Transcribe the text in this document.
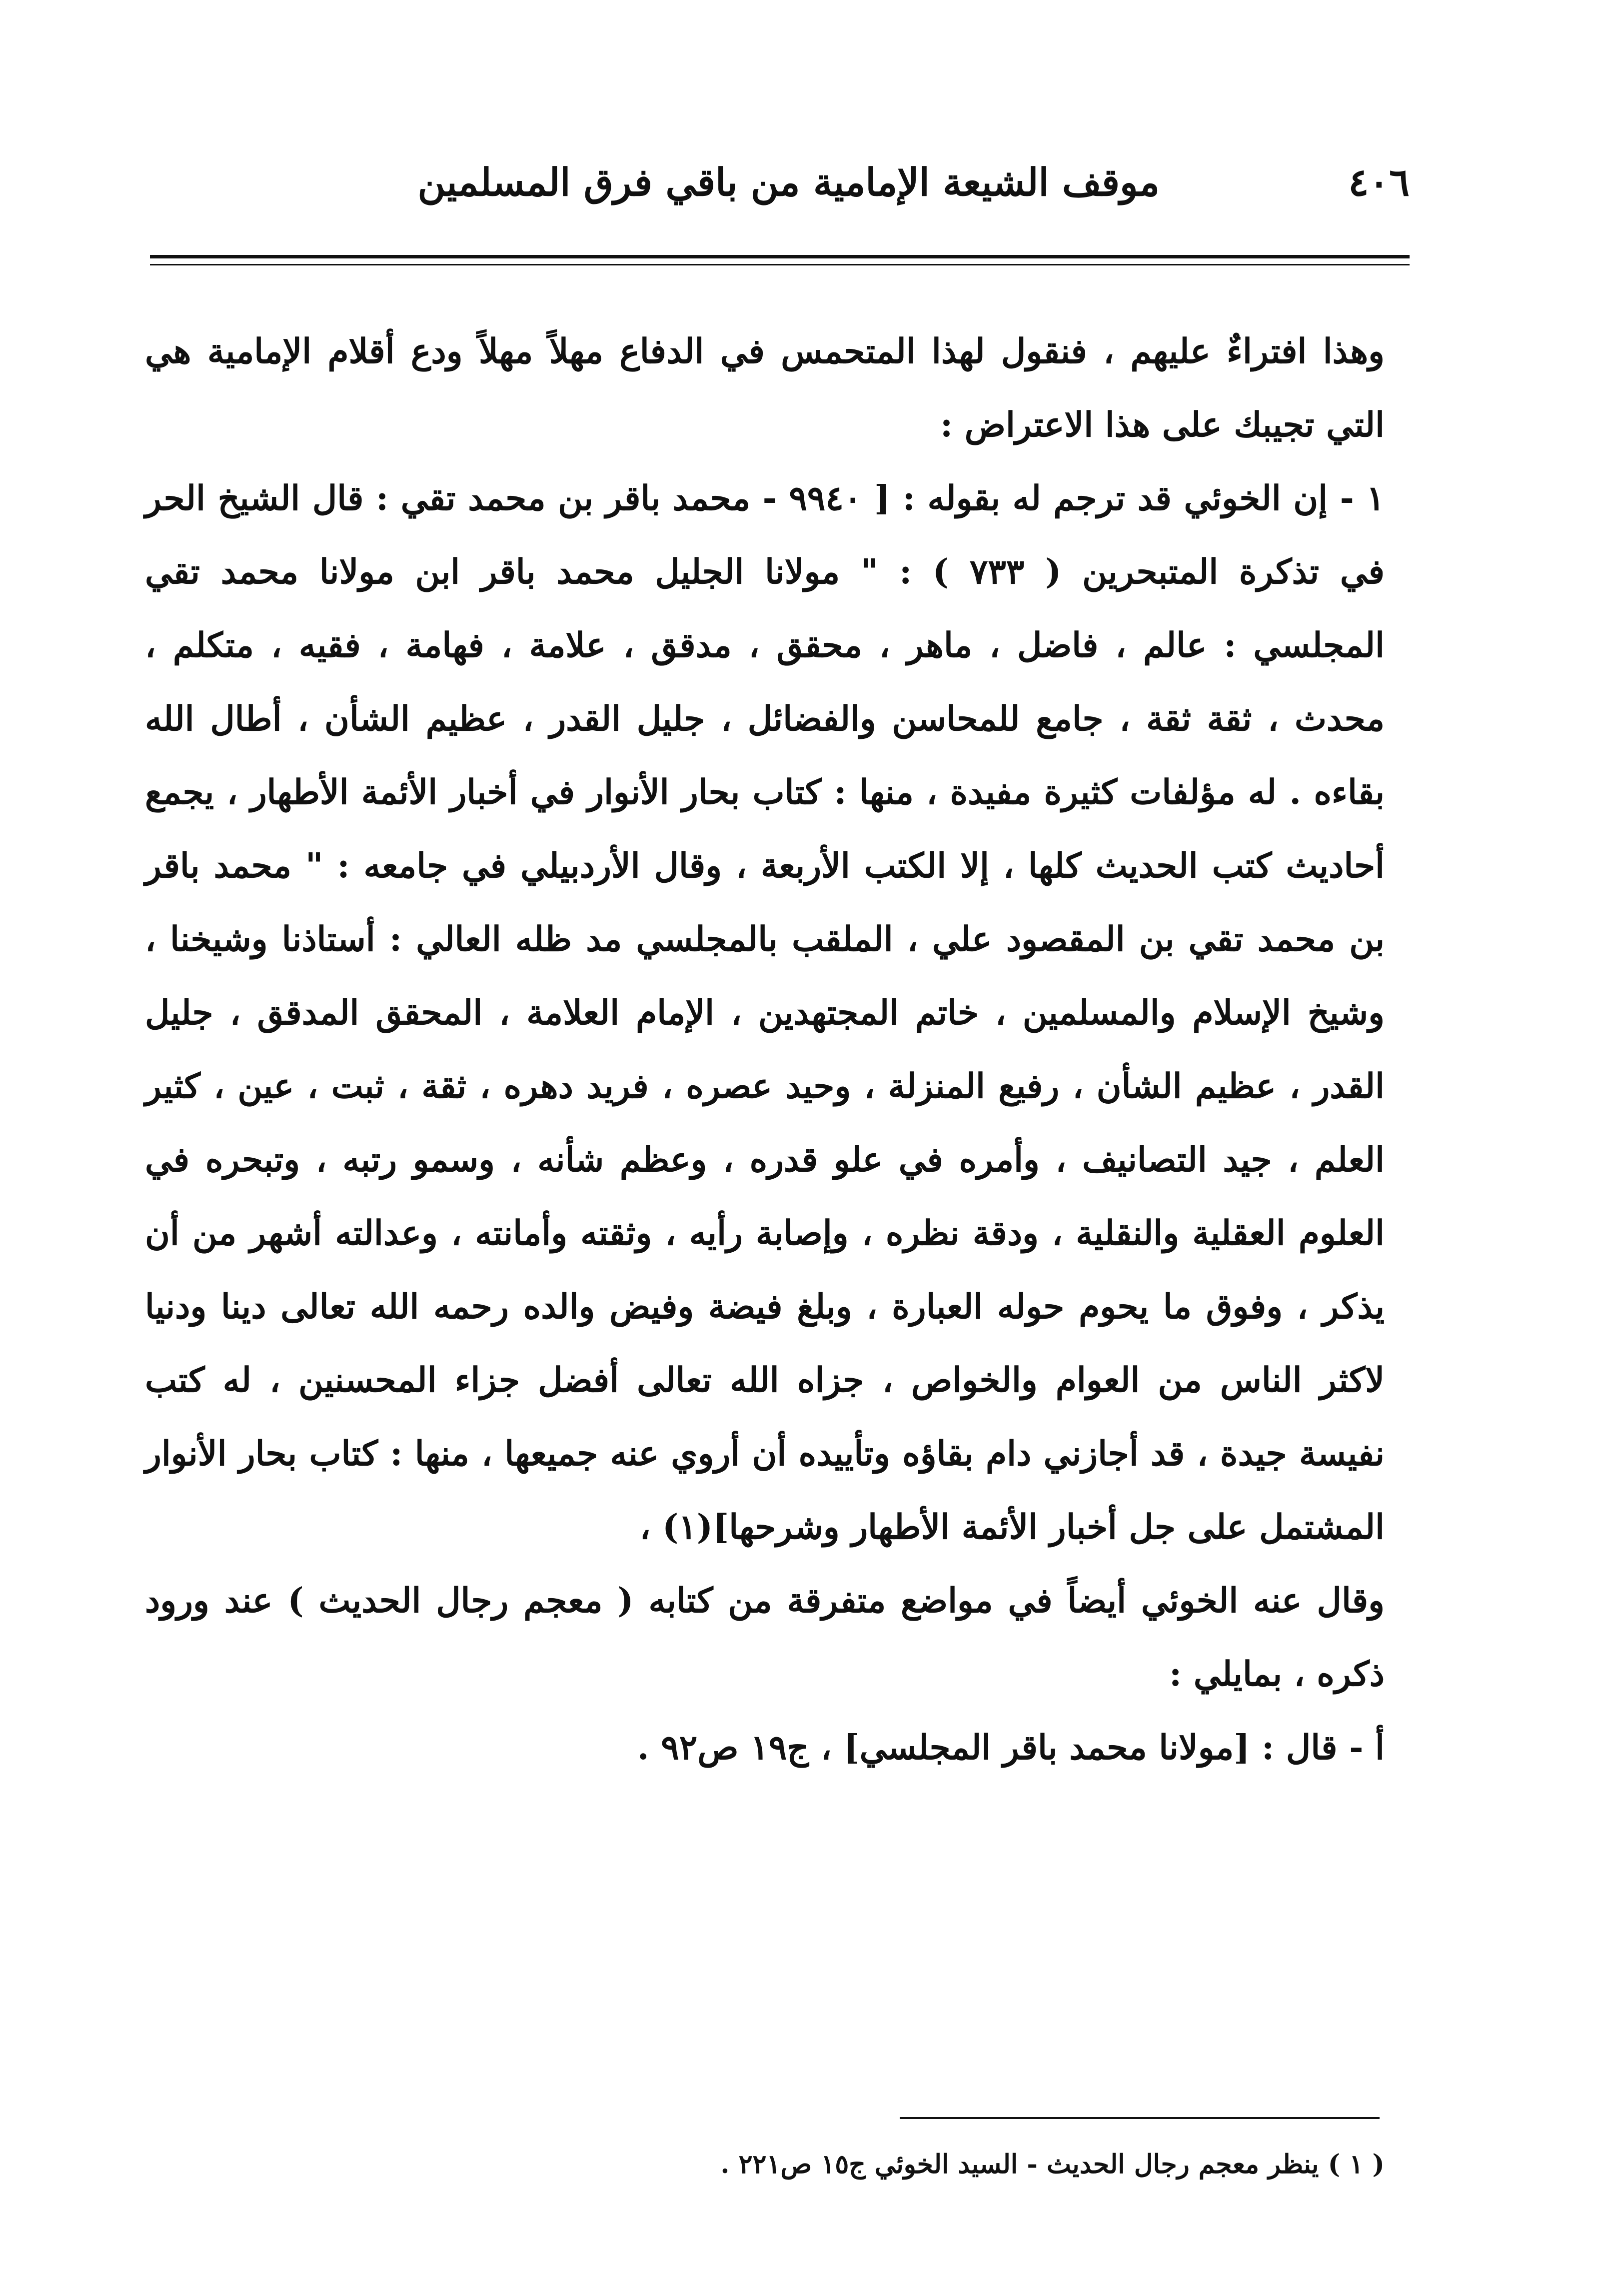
٤٠٦
موقف الشيعة الإمامية من باقي فرق المسلمين

وهذا افتراءٌ عليهم ، فنقول لهذا المتحمس في الدفاع مهلاً مهلاً ودع أقلام الإمامية هي التي تجيبك على هذا الاعتراض :

١ - إن الخوئي قد ترجم له بقوله : [ ٩٩٤٠ - محمد باقر بن محمد تقي : قال الشيخ الحر في تذكرة المتبحرين ( ٧٣٣ ) : " مولانا الجليل محمد باقر ابن مولانا محمد تقي المجلسي : عالم ، فاضل ، ماهر ، محقق ، مدقق ، علامة ، فهامة ، فقيه ، متكلم ، محدث ، ثقة ثقة ، جامع للمحاسن والفضائل ، جليل القدر ، عظيم الشأن ، أطال الله بقاءه . له مؤلفات كثيرة مفيدة ، منها : كتاب بحار الأنوار في أخبار الأئمة الأطهار ، يجمع أحاديث كتب الحديث كلها ، إلا الكتب الأربعة ، وقال الأردبيلي في جامعه : " محمد باقر بن محمد تقي بن المقصود علي ، الملقب بالمجلسي مد ظله العالي : أستاذنا وشيخنا ، وشيخ الإسلام والمسلمين ، خاتم المجتهدين ، الإمام العلامة ، المحقق المدقق ، جليل القدر ، عظيم الشأن ، رفيع المنزلة ، وحيد عصره ، فريد دهره ، ثقة ، ثبت ، عين ، كثير العلم ، جيد التصانيف ، وأمره في علو قدره ، وعظم شأنه ، وسمو رتبه ، وتبحره في العلوم العقلية والنقلية ، ودقة نظره ، وإصابة رأيه ، وثقته وأمانته ، وعدالته أشهر من أن يذكر ، وفوق ما يحوم حوله العبارة ، وبلغ فيضة وفيض والده رحمه الله تعالى دينا ودنيا لاكثر الناس من العوام والخواص ، جزاه الله تعالى أفضل جزاء المحسنين ، له كتب نفيسة جيدة ، قد أجازني دام بقاؤه وتأييده أن أروي عنه جميعها ، منها : كتاب بحار الأنوار المشتمل على جل أخبار الأئمة الأطهار وشرحها](١) ،

وقال عنه الخوئي أيضاً في مواضع متفرقة من كتابه ( معجم رجال الحديث ) عند ورود ذكره ، بمايلي :

أ - قال : [مولانا محمد باقر المجلسي] ، ج١٩ ص٩٢ .

( ١ ) ينظر معجم رجال الحديث - السيد الخوئي ج١٥ ص٢٢١ .
